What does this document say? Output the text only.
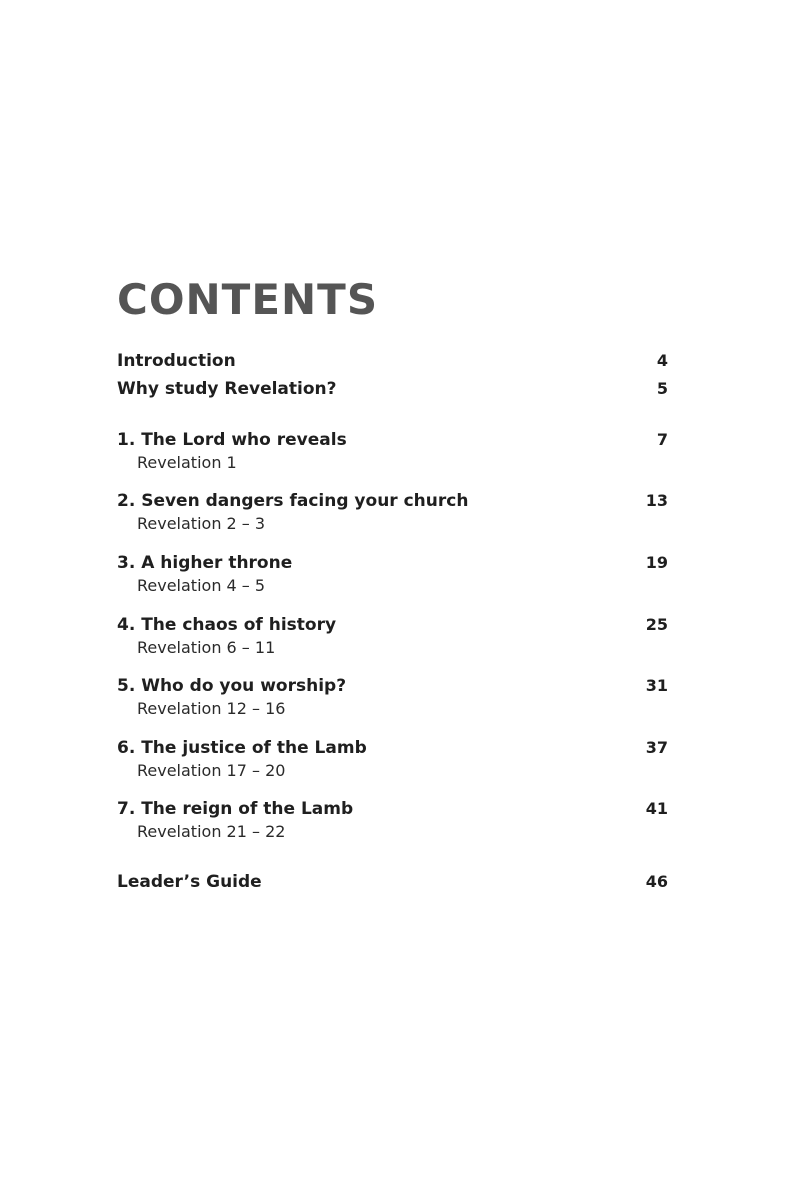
CONTENTS
Introduction	4
Why study Revelation?	5
1. The Lord who reveals	7
Revelation 1
2. Seven dangers facing your church	13
Revelation 2 – 3
3. A higher throne	19
Revelation 4 – 5
4. The chaos of history	25
Revelation 6 – 11
5. Who do you worship?	31
Revelation 12 – 16
6. The justice of the Lamb	37
Revelation 17 – 20
7. The reign of the Lamb	41
Revelation 21 – 22
Leader’s Guide	46
